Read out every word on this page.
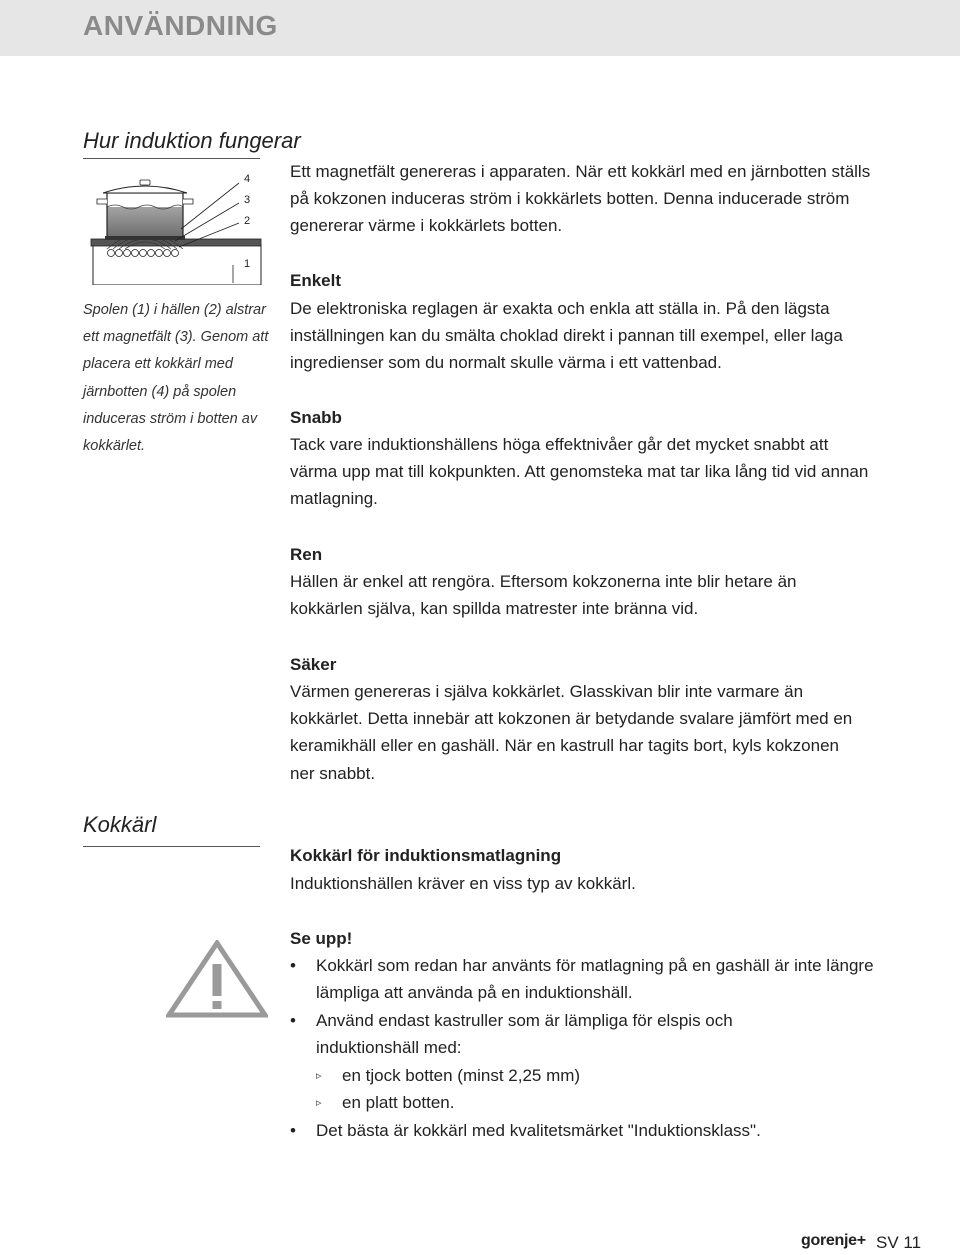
ANVÄNDNING
Hur induktion fungerar
4
3
2
1

Spolen (1) i hällen (2) alstrar ett magnetfält (3). Genom att placera ett kokkärl med järnbotten (4) på spolen induceras ström i botten av kokkärlet.

Ett magnetfält genereras i apparaten. När ett kokkärl med en järnbotten ställs på kokzonen induceras ström i kokkärlets botten. Denna inducerade ström genererar värme i kokkärlets botten.

Enkelt

De elektroniska reglagen är exakta och enkla att ställa in. På den lägsta inställningen kan du smälta choklad direkt i pannan till exempel, eller laga ingredienser som du normalt skulle värma i ett vattenbad.

Snabb

Tack vare induktionshällens höga effektnivåer går det mycket snabbt att värma upp mat till kokpunkten. Att genomsteka mat tar lika lång tid vid annan matlagning.

Ren

Hällen är enkel att rengöra. Eftersom kokzonerna inte blir hetare än kokkärlen själva, kan spillda matrester inte bränna vid.

Säker

Värmen genereras i själva kokkärlet. Glasskivan blir inte varmare än kokkärlet. Detta innebär att kokzonen är betydande svalare jämfört med en keramikhäll eller en gashäll. När en kastrull har tagits bort, kyls kokzonen ner snabbt.

Kokkärl

Kokkärl för induktionsmatlagning

Induktionshällen kräver en viss typ av kokkärl.

Se upp!

•	Kokkärl som redan har använts för matlagning på en gashäll är inte längre lämpliga att använda på en induktionshäll.
•	Använd endast kastruller som är lämpliga för elspis och induktionshäll med:
▹ en tjock botten (minst 2,25 mm)
▹ en platt botten.
•	Det bästa är kokkärl med kvalitetsmärket "Induktionsklass".
gorenje+ SV 11
